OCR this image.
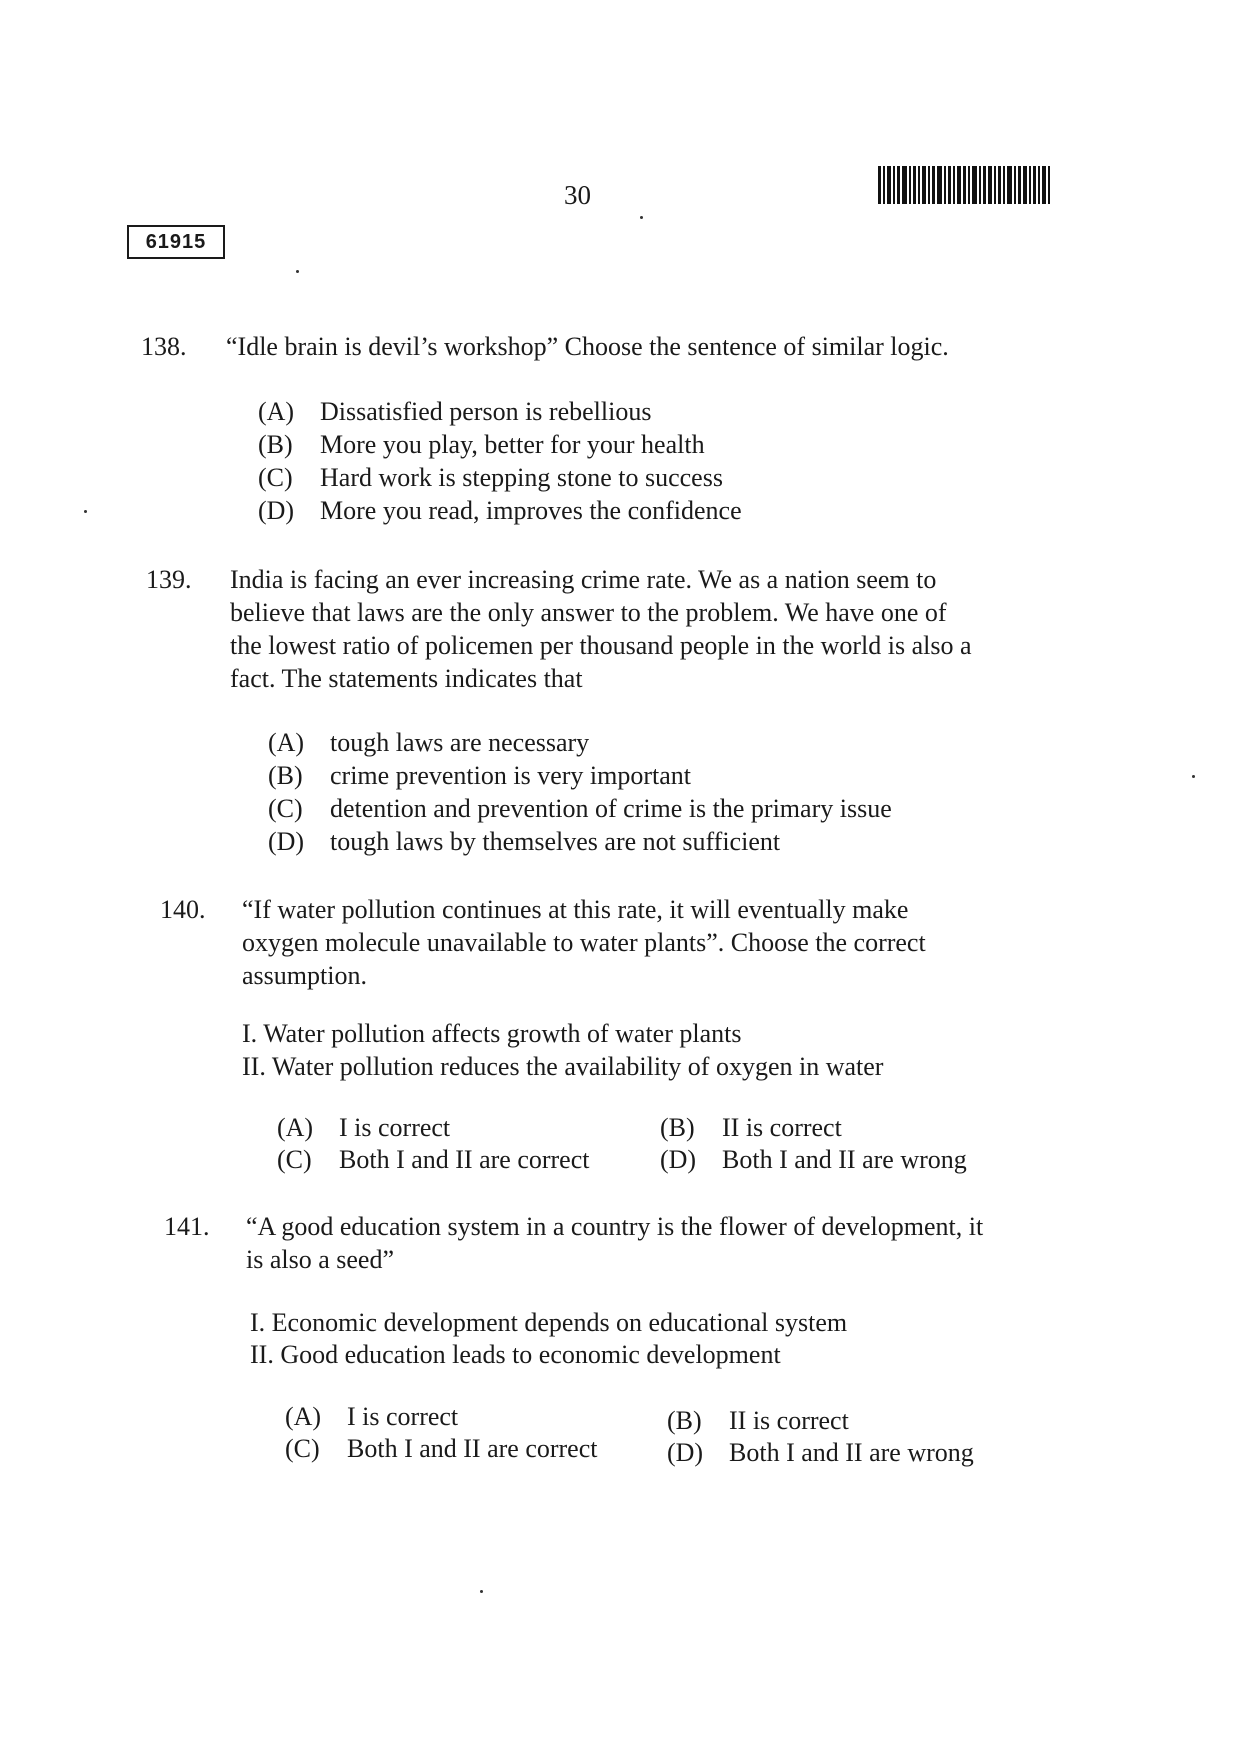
30
61915
138. “Idle brain is devil’s workshop” Choose the sentence of similar logic.
(A) Dissatisfied person is rebellious
(B) More you play, better for your health
(C) Hard work is stepping stone to success
(D) More you read, improves the confidence
139. India is facing an ever increasing crime rate. We as a nation seem to
believe that laws are the only answer to the problem. We have one of
the lowest ratio of policemen per thousand people in the world is also a
fact. The statements indicates that
(A) tough laws are necessary
(B) crime prevention is very important
(C) detention and prevention of crime is the primary issue
(D) tough laws by themselves are not sufficient
140. “If water pollution continues at this rate, it will eventually make
oxygen molecule unavailable to water plants”. Choose the correct
assumption.
I. Water pollution affects growth of water plants
II. Water pollution reduces the availability of oxygen in water
(A) I is correct	(B) II is correct
(C) Both I and II are correct	(D) Both I and II are wrong
141. “A good education system in a country is the flower of development, it
is also a seed”
I. Economic development depends on educational system
II. Good education leads to economic development
(A) I is correct	(B) II is correct
(C) Both I and II are correct	(D) Both I and II are wrong
